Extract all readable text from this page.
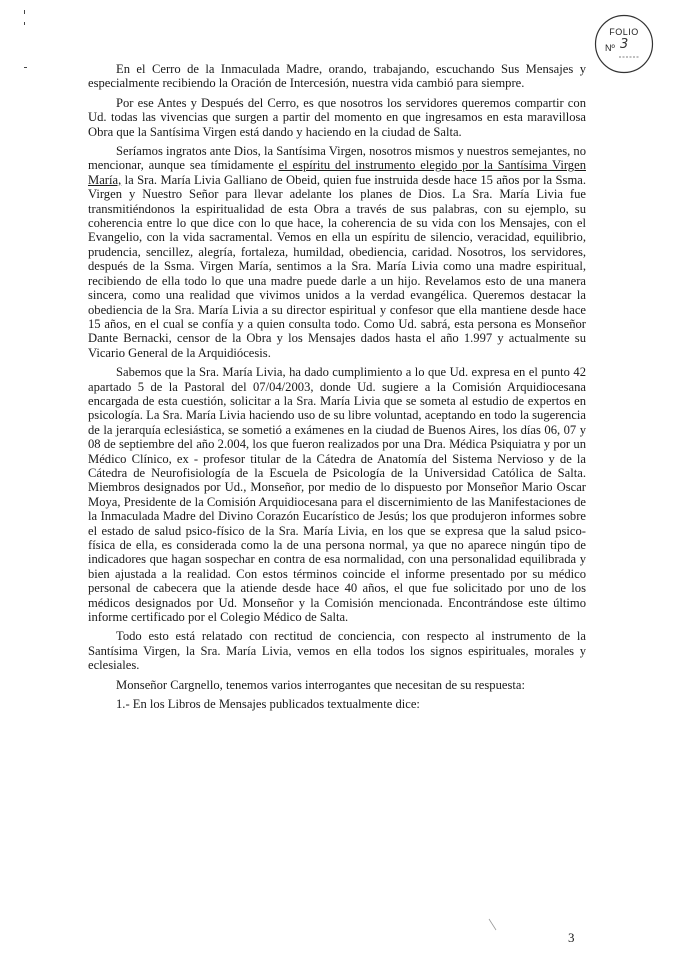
FOLIO
Nº 3

En el Cerro de la Inmaculada Madre, orando, trabajando, escuchando Sus Mensajes y especialmente recibiendo la Oración de Intercesión, nuestra vida cambió para siempre.

Por ese Antes y Después del Cerro, es que nosotros los servidores queremos compartir con Ud. todas las vivencias que surgen a partir del momento en que ingresamos en esta maravillosa Obra que la Santísima Virgen está dando y haciendo en la ciudad de Salta.

Seríamos ingratos ante Dios, la Santísima Virgen, nosotros mismos y nuestros semejantes, no mencionar, aunque sea tímidamente el espíritu del instrumento elegido por la Santísima Virgen María, la Sra. María Livia Galliano de Obeid, quien fue instruida desde hace 15 años por la Ssma. Virgen y Nuestro Señor para llevar adelante los planes de Dios. La Sra. María Livia fue transmitiéndonos la espiritualidad de esta Obra a través de sus palabras, con su ejemplo, su coherencia entre lo que dice con lo que hace, la coherencia de su vida con los Mensajes, con el Evangelio, con la vida sacramental. Vemos en ella un espíritu de silencio, veracidad, equilibrio, prudencia, sencillez, alegría, fortaleza, humildad, obediencia, caridad. Nosotros, los servidores, después de la Ssma. Virgen María, sentimos a la Sra. María Livia como una madre espiritual, recibiendo de ella todo lo que una madre puede darle a un hijo. Revelamos esto de una manera sincera, como una realidad que vivimos unidos a la verdad evangélica. Queremos destacar la obediencia de la Sra. María Livia a su director espiritual y confesor que ella mantiene desde hace 15 años, en el cual se confía y a quien consulta todo. Como Ud. sabrá, esta persona es Monseñor Dante Bernacki, censor de la Obra y los Mensajes dados hasta el año 1.997 y actualmente su Vicario General de la Arquidiócesis.

Sabemos que la Sra. María Livia, ha dado cumplimiento a lo que Ud. expresa en el punto 42 apartado 5 de la Pastoral del 07/04/2003, donde Ud. sugiere a la Comisión Arquidiocesana encargada de esta cuestión, solicitar a la Sra. María Livia que se someta al estudio de expertos en psicología. La Sra. María Livia haciendo uso de su libre voluntad, aceptando en todo la sugerencia de la jerarquía eclesiástica, se sometió a exámenes en la ciudad de Buenos Aires, los días 06, 07 y 08 de septiembre del año 2.004, los que fueron realizados por una Dra. Médica Psiquiatra y por un Médico Clínico, ex - profesor titular de la Cátedra de Anatomía del Sistema Nervioso y de la Cátedra de Neurofisiología de la Escuela de Psicología de la Universidad Católica de Salta. Miembros designados por Ud., Monseñor, por medio de lo dispuesto por Monseñor Mario Oscar Moya, Presidente de la Comisión Arquidiocesana para el discernimiento de las Manifestaciones de la Inmaculada Madre del Divino Corazón Eucarístico de Jesús; los que produjeron informes sobre el estado de salud psico-físico de la Sra. María Livia, en los que se expresa que la salud psico-física de ella, es considerada como la de una persona normal, ya que no aparece ningún tipo de indicadores que hagan sospechar en contra de esa normalidad, con una personalidad equilibrada y bien ajustada a la realidad. Con estos términos coincide el informe presentado por su médico personal de cabecera que la atiende desde hace 40 años, el que fue solicitado por uno de los médicos designados por Ud. Monseñor y la Comisión mencionada. Encontrándose este último informe certificado por el Colegio Médico de Salta.

Todo esto está relatado con rectitud de conciencia, con respecto al instrumento de la Santísima Virgen, la Sra. María Livia, vemos en ella todos los signos espirituales, morales y eclesiales.

Monseñor Cargnello, tenemos varios interrogantes que necesitan de su respuesta:

1.- En los Libros de Mensajes publicados textualmente dice:

3
